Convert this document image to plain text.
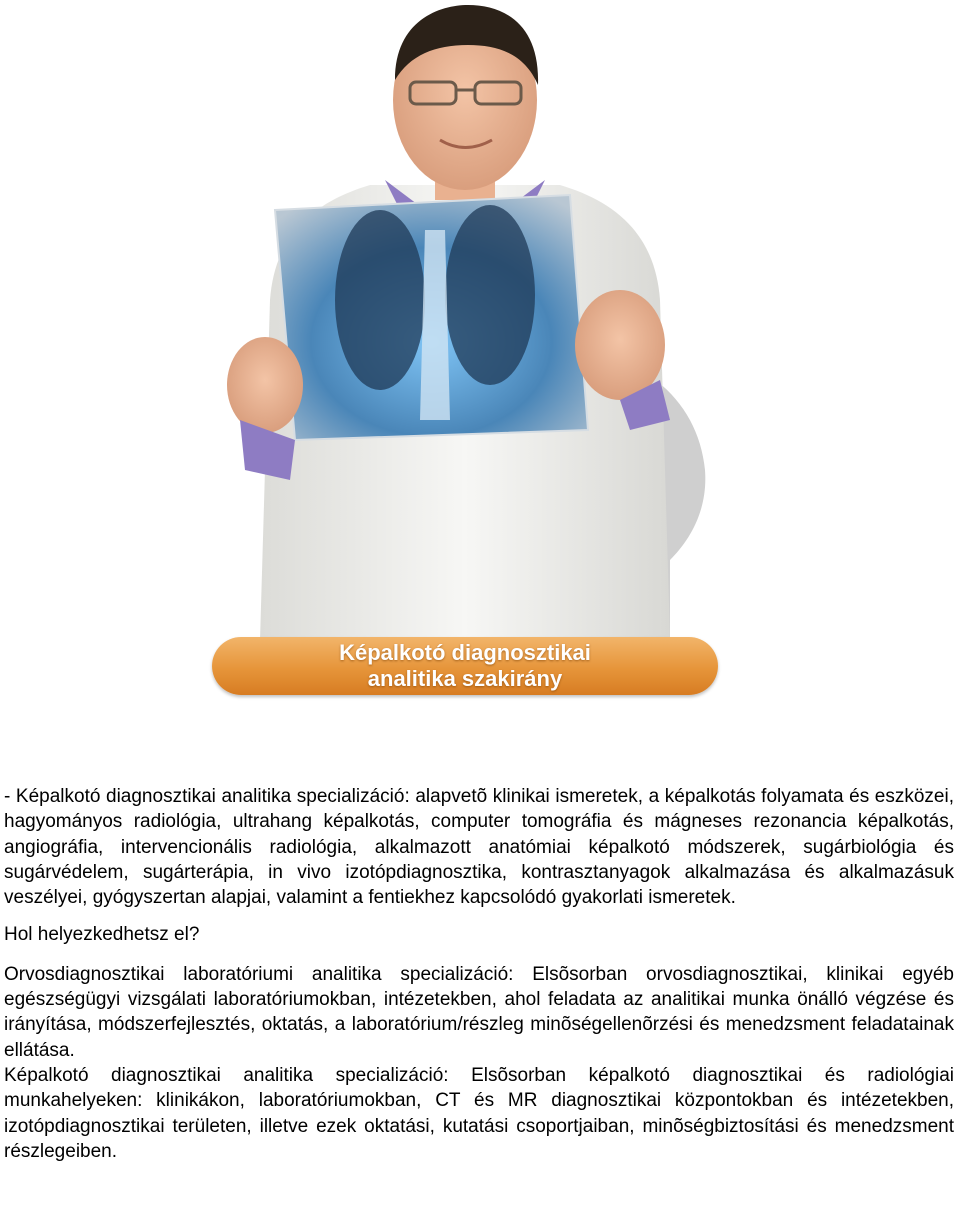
Képalkotó diagnosztikai
analitika szakirány

- Képalkotó diagnosztikai analitika specializáció: alapvetõ klinikai ismeretek, a képalkotás folyamata és eszközei, hagyományos radiológia, ultrahang képalkotás, computer tomográfia és mágneses rezonancia képalkotás, angiográfia, intervencionális radiológia, alkalmazott anatómiai képalkotó módszerek, sugárbiológia és sugárvédelem, sugárterápia, in vivo izotópdiagnosztika, kontrasztanyagok alkalmazása és alkalmazásuk veszélyei, gyógyszertan alapjai, valamint a fentiekhez kapcsolódó gyakorlati ismeretek.

Hol helyezkedhetsz el?

Orvosdiagnosztikai laboratóriumi analitika specializáció: Elsõsorban orvosdiagnosztikai, klinikai egyéb egészségügyi vizsgálati laboratóriumokban, intézetekben, ahol feladata az analitikai munka önálló végzése és irányítása, módszerfejlesztés, oktatás, a laboratórium/részleg minõségellenõrzési és menedzsment feladatainak ellátása.

Képalkotó diagnosztikai analitika specializáció: Elsõsorban képalkotó diagnosztikai és radiológiai munkahelyeken: klinikákon, laboratóriumokban, CT és MR diagnosztikai központokban és intézetekben, izotópdiagnosztikai területen, illetve ezek oktatási, kutatási csoportjaiban, minõségbiztosítási és menedzsment részlegeiben.
